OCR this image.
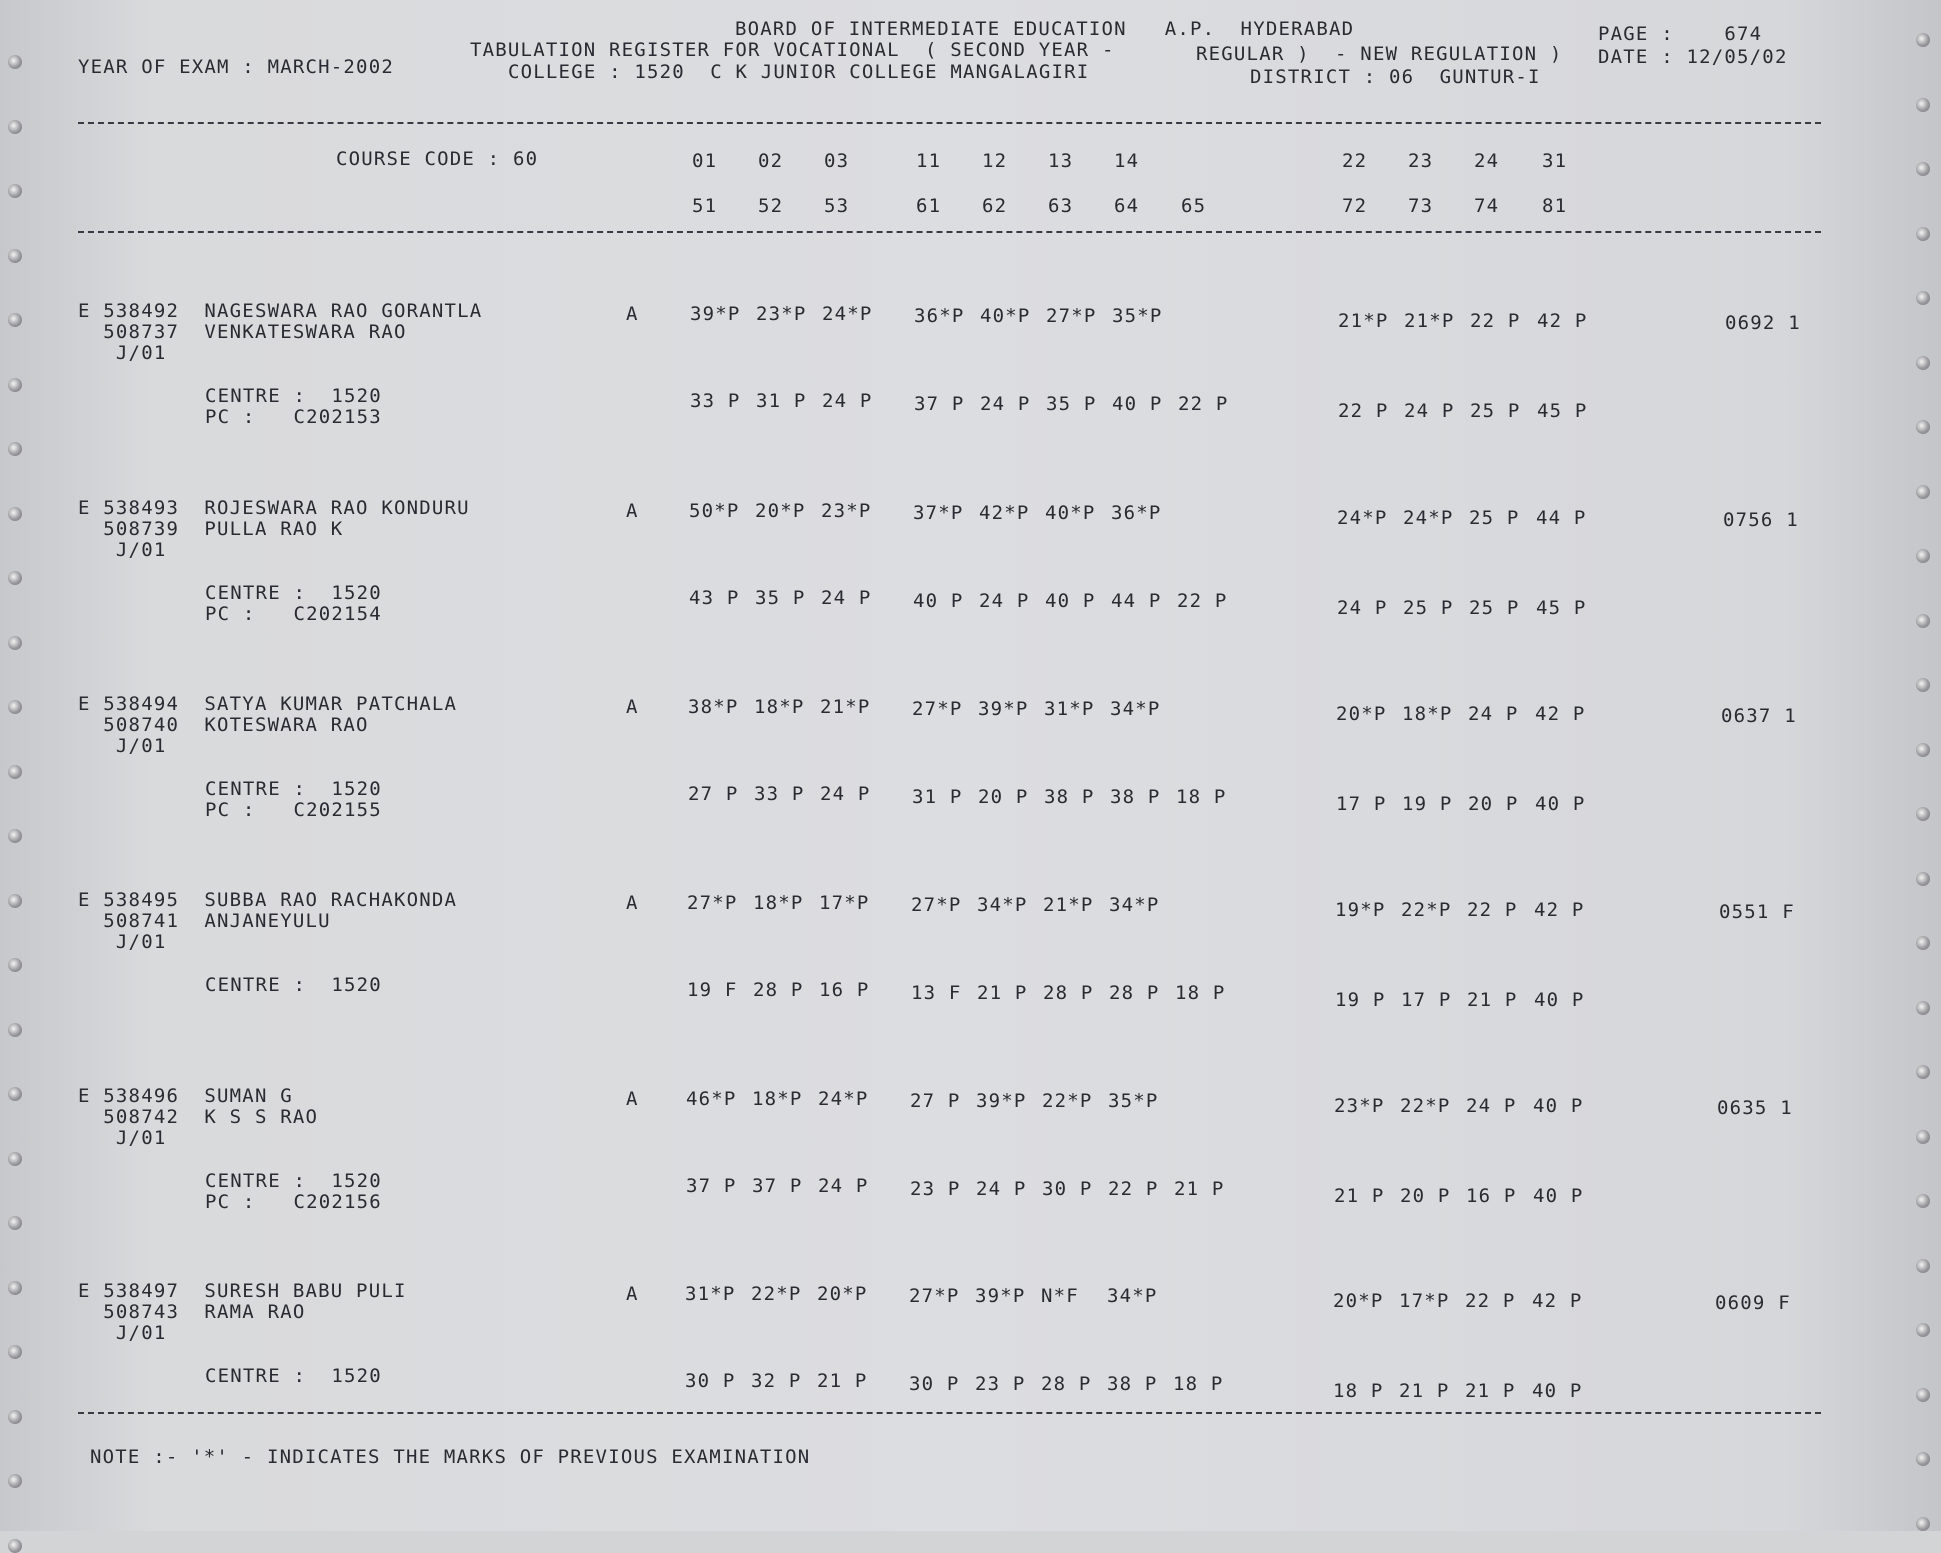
BOARD OF INTERMEDIATE EDUCATION   A.P.  HYDERABAD
TABULATION REGISTER FOR VOCATIONAL  ( SECOND YEAR -	REGULAR )  - NEW REGULATION )
COLLEGE : 1520  C K JUNIOR COLLEGE MANGALAGIRI	DISTRICT : 06  GUNTUR-I
YEAR OF EXAM : MARCH-2002
PAGE :    674
DATE : 12/05/02
COURSE CODE : 60	01 02 03	11 12 13 14	22 23 24 31
51 52 53	61 62 63 64 65	72 73 74 81
E 538492  NAGESWARA RAO GORANTLA
508737  VENKATESWARA RAO
J/01
A	39*P 23*P 24*P 36*P 40*P 27*P 35*P	21*P 21*P 22 P 42 P	0692 1
CENTRE :  1520
PC :   C202153
33 P 31 P 24 P 37 P 24 P 35 P 40 P 22 P	22 P 24 P 25 P 45 P
E 538493  ROJESWARA RAO KONDURU
508739  PULLA RAO K
J/01
A	50*P 20*P 23*P 37*P 42*P 40*P 36*P	24*P 24*P 25 P 44 P	0756 1
CENTRE :  1520
PC :   C202154
43 P 35 P 24 P 40 P 24 P 40 P 44 P 22 P	24 P 25 P 25 P 45 P
E 538494  SATYA KUMAR PATCHALA
508740  KOTESWARA RAO
J/01
A	38*P 18*P 21*P 27*P 39*P 31*P 34*P	20*P 18*P 24 P 42 P	0637 1
CENTRE :  1520
PC :   C202155
27 P 33 P 24 P 31 P 20 P 38 P 38 P 18 P	17 P 19 P 20 P 40 P
E 538495  SUBBA RAO RACHAKONDA
508741  ANJANEYULU
J/01
A	27*P 18*P 17*P 27*P 34*P 21*P 34*P	19*P 22*P 22 P 42 P	0551 F
CENTRE :  1520	19 F 28 P 16 P 13 F 21 P 28 P 28 P 18 P	19 P 17 P 21 P 40 P
E 538496  SUMAN G
508742  K S S RAO
J/01
A 46*P 18*P 24*P 27 P 39*P 22*P 35*P	23*P 22*P 24 P 40 P	0635 1
CENTRE :  1520
PC :   C202156
37 P 37 P 24 P 23 P 24 P 30 P 22 P 21 P	21 P 20 P 16 P 40 P
E 538497  SURESH BABU PULI
508743  RAMA RAO
J/01
A 31*P 22*P 20*P 27*P 39*P N*F 34*P	20*P 17*P 22 P 42 P	0609 F
CENTRE :  1520	30 P 32 P 21 P 30 P 23 P 28 P 38 P 18 P	18 P 21 P 21 P 40 P
NOTE :- '*' - INDICATES THE MARKS OF PREVIOUS EXAMINATION
